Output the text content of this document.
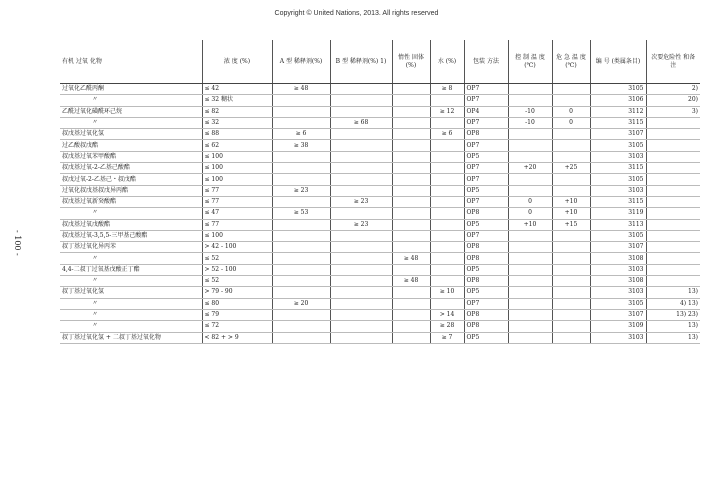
Copyright © United Nations, 2013. All rights reserved
- 100 -
有机 过氧 化物	浓 度 (%)	A 型 稀释剂(%)	B 型 稀释剂(%) 1)	惰性 固体 (%)	水 (%)	包装 方法	控 制 温 度 (℃)	危 急 温 度 (℃)	编 号 (类属条目)	次要危险性 和备 注
过氧化乙酰丙酮	≤ 42	≥ 48			≥ 8	OP7			3105	2)
〃	≤ 32 糊状					OP7			3106	20)
乙酰过氧化磺酰环己烷	≤ 82				≥ 12	OP4	-10	0	3112	3)
〃	≤ 32		≥ 68			OP7	-10	0	3115	
叔戊基过氧化氢	≤ 88	≥ 6			≥ 6	OP8			3107	
过乙酸叔戊酯	≤ 62	≥ 38				OP7			3105	
叔戊基过氧苯甲酸酯	≤ 100					OP5			3103	
叔戊基过氧-2-乙基己酸酯	≤ 100					OP7	+20	+25	3115	
叔戊过氧-2-乙基己・叔戊酯	≤ 100					OP7			3105	
过氧化叔戊基叔戊异丙酯	≤ 77	≥ 23				OP5			3103	
叔戊基过氧新癸酸酯	≤ 77		≥ 23			OP7	0	+10	3115	
〃	≤ 47	≥ 53				OP8	0	+10	3119	
叔戊基过氧戊酸酯	≤ 77		≥ 23			OP5	+10	+15	3113	
叔戊基过氧-3,5,5-三甲基己酸酯	≤ 100					OP7			3105	
叔丁基过氧化异丙苯	> 42 - 100					OP8			3107	
〃	≤ 52			≥ 48		OP8			3108	
4,4-二叔丁过氧基戊酸正丁酯	> 52 - 100					OP5			3103	
〃	≤ 52			≥ 48		OP8			3108	
叔丁基过氧化氢	> 79 - 90				≥ 10	OP5			3103	13)
〃	≤ 80	≥ 20				OP7			3105	4) 13)
〃	≤ 79				> 14	OP8			3107	13) 23)
〃	≤ 72				≥ 28	OP8			3109	13)
叔丁基过氧化氢 + 二叔丁基过氧化物	< 82 + > 9				≥ 7	OP5			3103	13)
